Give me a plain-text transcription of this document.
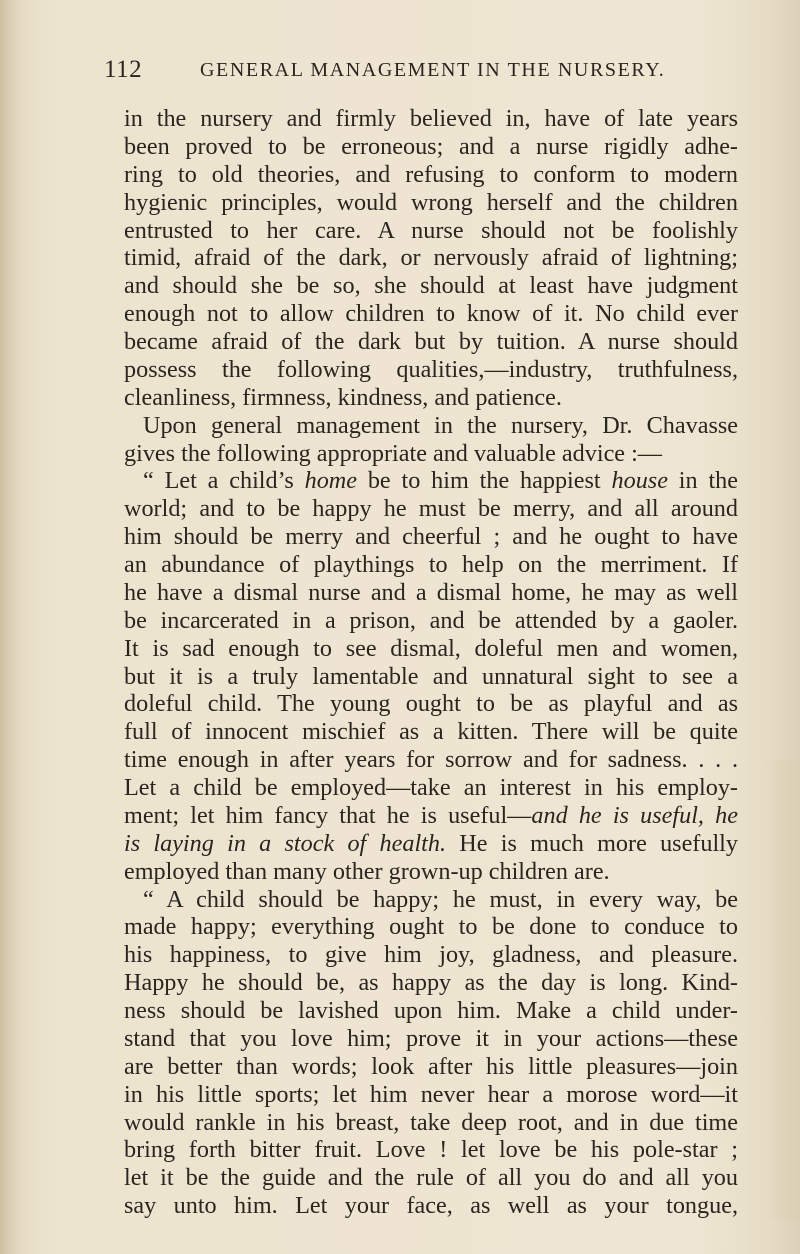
112	GENERAL MANAGEMENT IN THE NURSERY.
in the nursery and firmly believed in, have of late years
been proved to be erroneous; and a nurse rigidly adhe-
ring to old theories, and refusing to conform to modern
hygienic principles, would wrong herself and the children
entrusted to her care. A nurse should not be foolishly
timid, afraid of the dark, or nervously afraid of lightning;
and should she be so, she should at least have judgment
enough not to allow children to know of it. No child ever
became afraid of the dark but by tuition. A nurse should
possess the following qualities,—industry, truthfulness,
cleanliness, firmness, kindness, and patience.
Upon general management in the nursery, Dr. Chavasse
gives the following appropriate and valuable advice :—
“ Let a child’s home be to him the happiest house in the
world; and to be happy he must be merry, and all around
him should be merry and cheerful ; and he ought to have
an abundance of playthings to help on the merriment. If
he have a dismal nurse and a dismal home, he may as well
be incarcerated in a prison, and be attended by a gaoler.
It is sad enough to see dismal, doleful men and women,
but it is a truly lamentable and unnatural sight to see a
doleful child. The young ought to be as playful and as
full of innocent mischief as a kitten. There will be quite
time enough in after years for sorrow and for sadness. . . .
Let a child be employed—take an interest in his employ-
ment; let him fancy that he is useful—and he is useful, he
is laying in a stock of health. He is much more usefully
employed than many other grown-up children are.
“ A child should be happy; he must, in every way, be
made happy; everything ought to be done to conduce to
his happiness, to give him joy, gladness, and pleasure.
Happy he should be, as happy as the day is long. Kind-
ness should be lavished upon him. Make a child under-
stand that you love him; prove it in your actions—these
are better than words; look after his little pleasures—join
in his little sports; let him never hear a morose word—it
would rankle in his breast, take deep root, and in due time
bring forth bitter fruit. Love ! let love be his pole-star ;
let it be the guide and the rule of all you do and all you
say unto him. Let your face, as well as your tongue,
